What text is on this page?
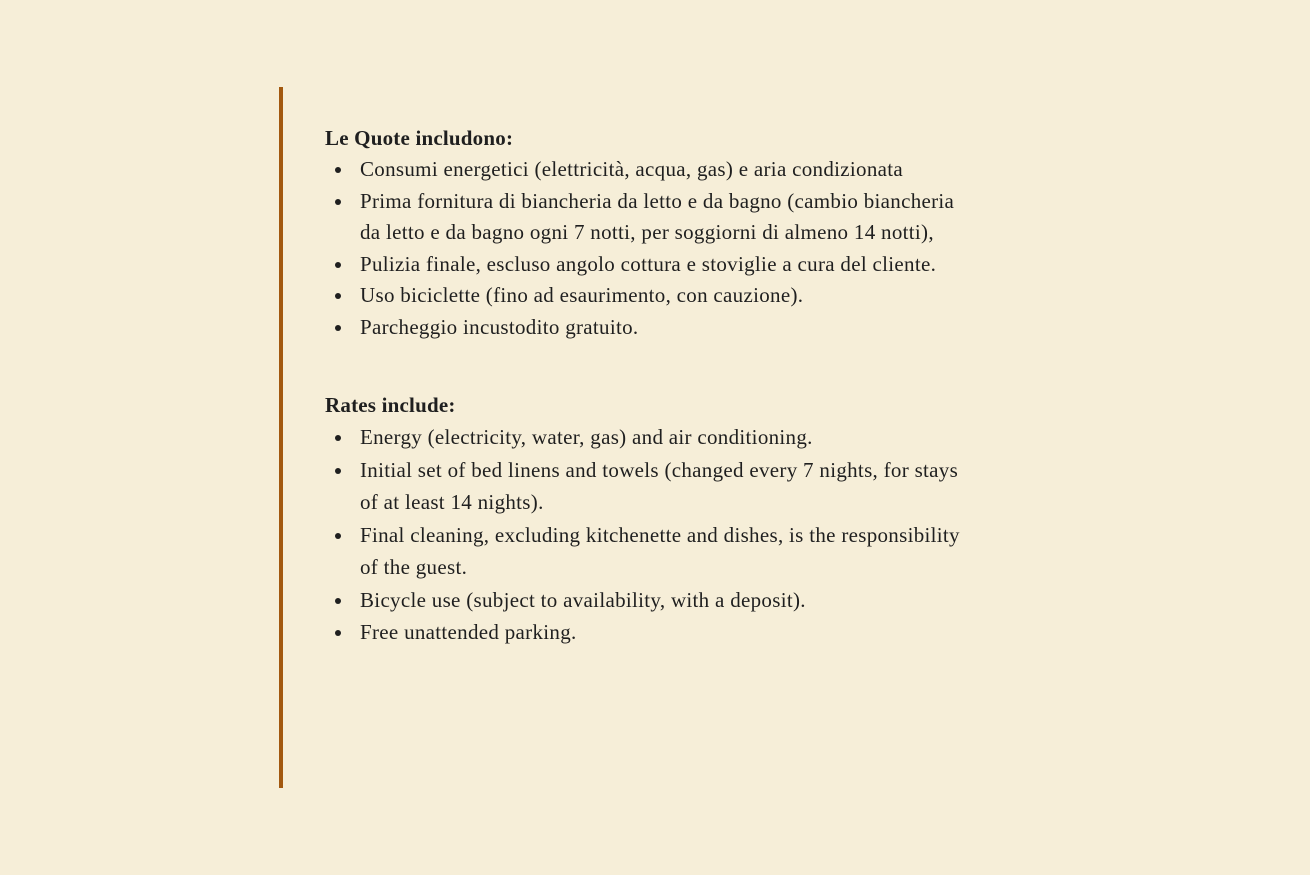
Le Quote includono:
Consumi energetici (elettricità, acqua, gas) e aria condizionata
Prima fornitura di biancheria da letto e da bagno (cambio biancheria da letto e da bagno ogni 7 notti, per soggiorni di almeno 14 notti),
Pulizia finale, escluso angolo cottura e stoviglie a cura del cliente.
Uso biciclette (fino ad esaurimento, con cauzione).
Parcheggio incustodito gratuito.
Rates include:
Energy (electricity, water, gas) and air conditioning.
Initial set of bed linens and towels (changed every 7 nights, for stays of at least 14 nights).
Final cleaning, excluding kitchenette and dishes, is the responsibility of the guest.
Bicycle use (subject to availability, with a deposit).
Free unattended parking.
